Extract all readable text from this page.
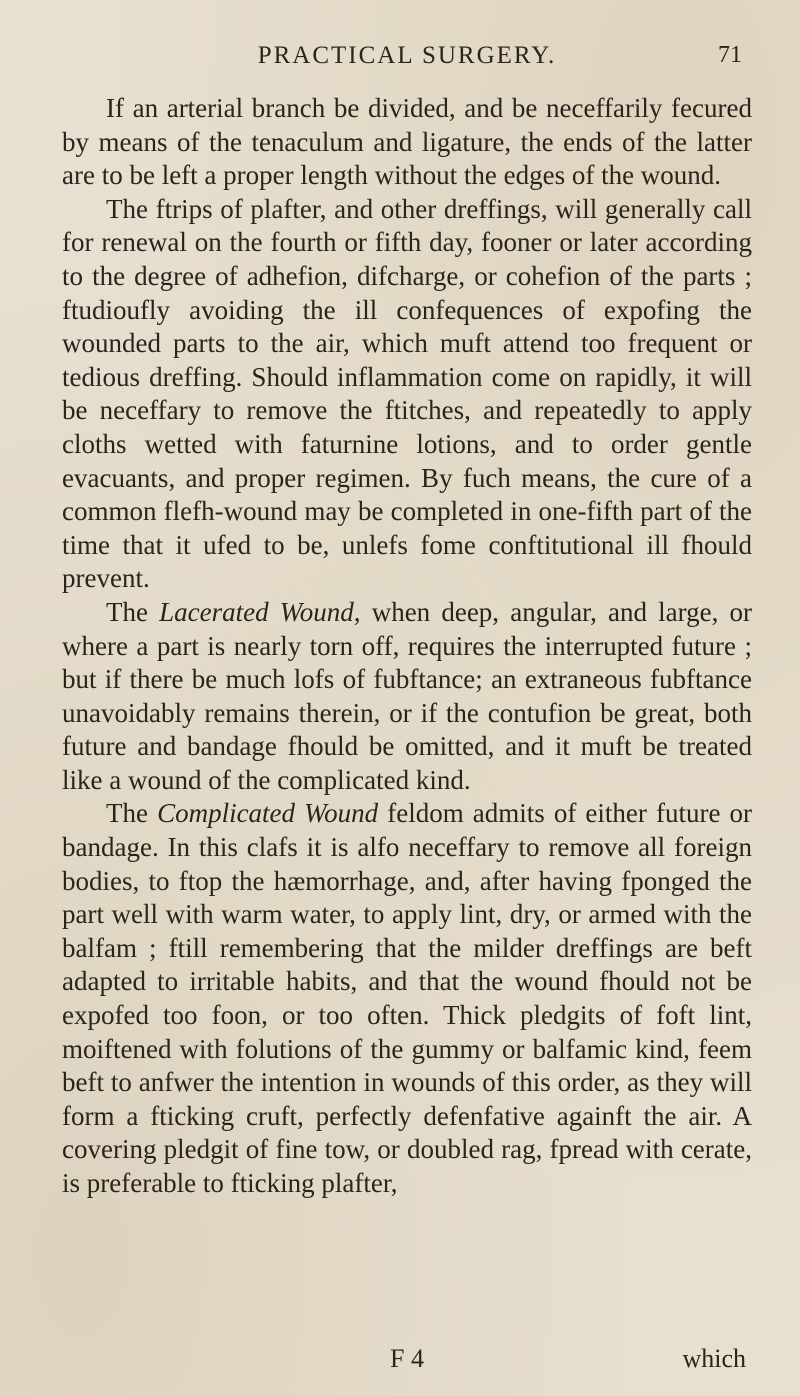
PRACTICAL SURGERY.	71

If an arterial branch be divided, and be neceffarily fecured by means of the tenaculum and ligature, the ends of the latter are to be left a proper length without the edges of the wound.

The ftrips of plafter, and other dreffings, will generally call for renewal on the fourth or fifth day, fooner or later according to the degree of adhefion, difcharge, or cohefion of the parts ; ftudioufly avoiding the ill confequences of expofing the wounded parts to the air, which muft attend too frequent or tedious dreffing. Should inflammation come on rapidly, it will be neceffary to remove the ftitches, and repeatedly to apply cloths wetted with faturnine lotions, and to order gentle evacuants, and proper regimen. By fuch means, the cure of a common flefh-wound may be completed in one-fifth part of the time that it ufed to be, unlefs fome conftitutional ill fhould prevent.

The Lacerated Wound, when deep, angular, and large, or where a part is nearly torn off, requires the interrupted future ; but if there be much lofs of fubftance; an extraneous fubftance unavoidably remains therein, or if the contufion be great, both future and bandage fhould be omitted, and it muft be treated like a wound of the complicated kind.

The Complicated Wound feldom admits of either future or bandage. In this clafs it is alfo neceffary to remove all foreign bodies, to ftop the hæmorrhage, and, after having fponged the part well with warm water, to apply lint, dry, or armed with the balfam ; ftill remembering that the milder dreffings are beft adapted to irritable habits, and that the wound fhould not be expofed too foon, or too often. Thick pledgits of foft lint, moiftened with folutions of the gummy or balfamic kind, feem beft to anfwer the intention in wounds of this order, as they will form a fticking cruft, perfectly defenfative againft the air. A covering pledgit of fine tow, or doubled rag, fpread with cerate, is preferable to fticking plafter,

F 4	which
